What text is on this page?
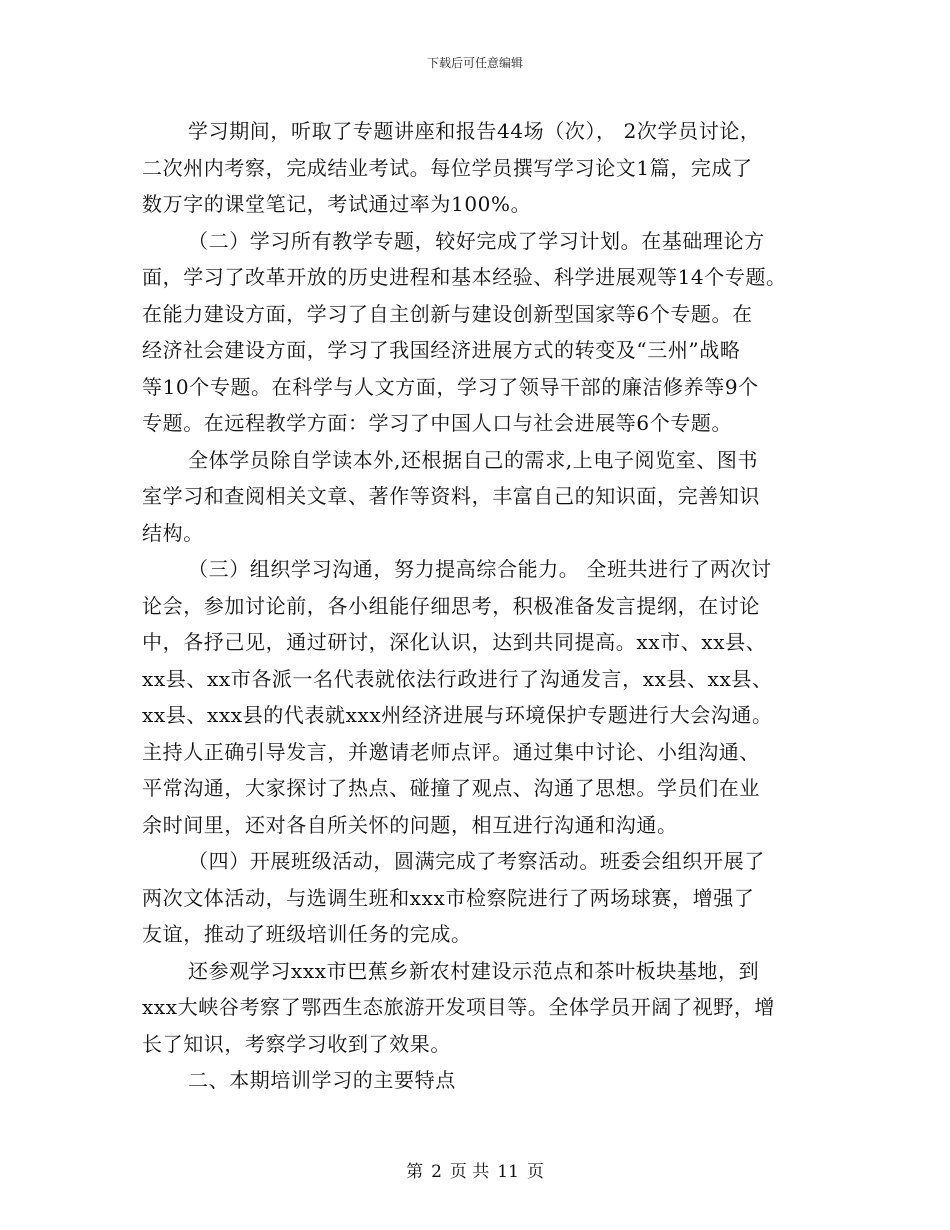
下载后可任意编辑
学习期间，听取了专题讲座和报告44场（次）， 2次学员讨论，
二次州内考察，完成结业考试。每位学员撰写学习论文1篇，完成了
数万字的课堂笔记，考试通过率为100%。
（二）学习所有教学专题，较好完成了学习计划。在基础理论方
面，学习了改革开放的历史进程和基本经验、科学进展观等14个专题。
在能力建设方面，学习了自主创新与建设创新型国家等6个专题。在
经济社会建设方面，学习了我国经济进展方式的转变及“三州”战略
等10个专题。在科学与人文方面，学习了领导干部的廉洁修养等9个
专题。在远程教学方面：学习了中国人口与社会进展等6个专题。
全体学员除自学读本外,还根据自己的需求,上电子阅览室、图书
室学习和查阅相关文章、著作等资料，丰富自己的知识面，完善知识
结构。
（三）组织学习沟通，努力提高综合能力。 全班共进行了两次讨
论会，参加讨论前，各小组能仔细思考，积极准备发言提纲，在讨论
中，各抒己见，通过研讨，深化认识，达到共同提高。xx市、xx县、
xx县、xx市各派一名代表就依法行政进行了沟通发言，xx县、xx县、
xx县、xxx县的代表就xxx州经济进展与环境保护专题进行大会沟通。
主持人正确引导发言，并邀请老师点评。通过集中讨论、小组沟通、
平常沟通，大家探讨了热点、碰撞了观点、沟通了思想。学员们在业
余时间里，还对各自所关怀的问题，相互进行沟通和沟通。
（四）开展班级活动，圆满完成了考察活动。班委会组织开展了
两次文体活动，与选调生班和xxx市检察院进行了两场球赛，增强了
友谊，推动了班级培训任务的完成。
还参观学习xxx市巴蕉乡新农村建设示范点和茶叶板块基地，到
xxx大峡谷考察了鄂西生态旅游开发项目等。全体学员开阔了视野，增
长了知识，考察学习收到了效果。
二、本期培训学习的主要特点
第 2 页 共 11 页
